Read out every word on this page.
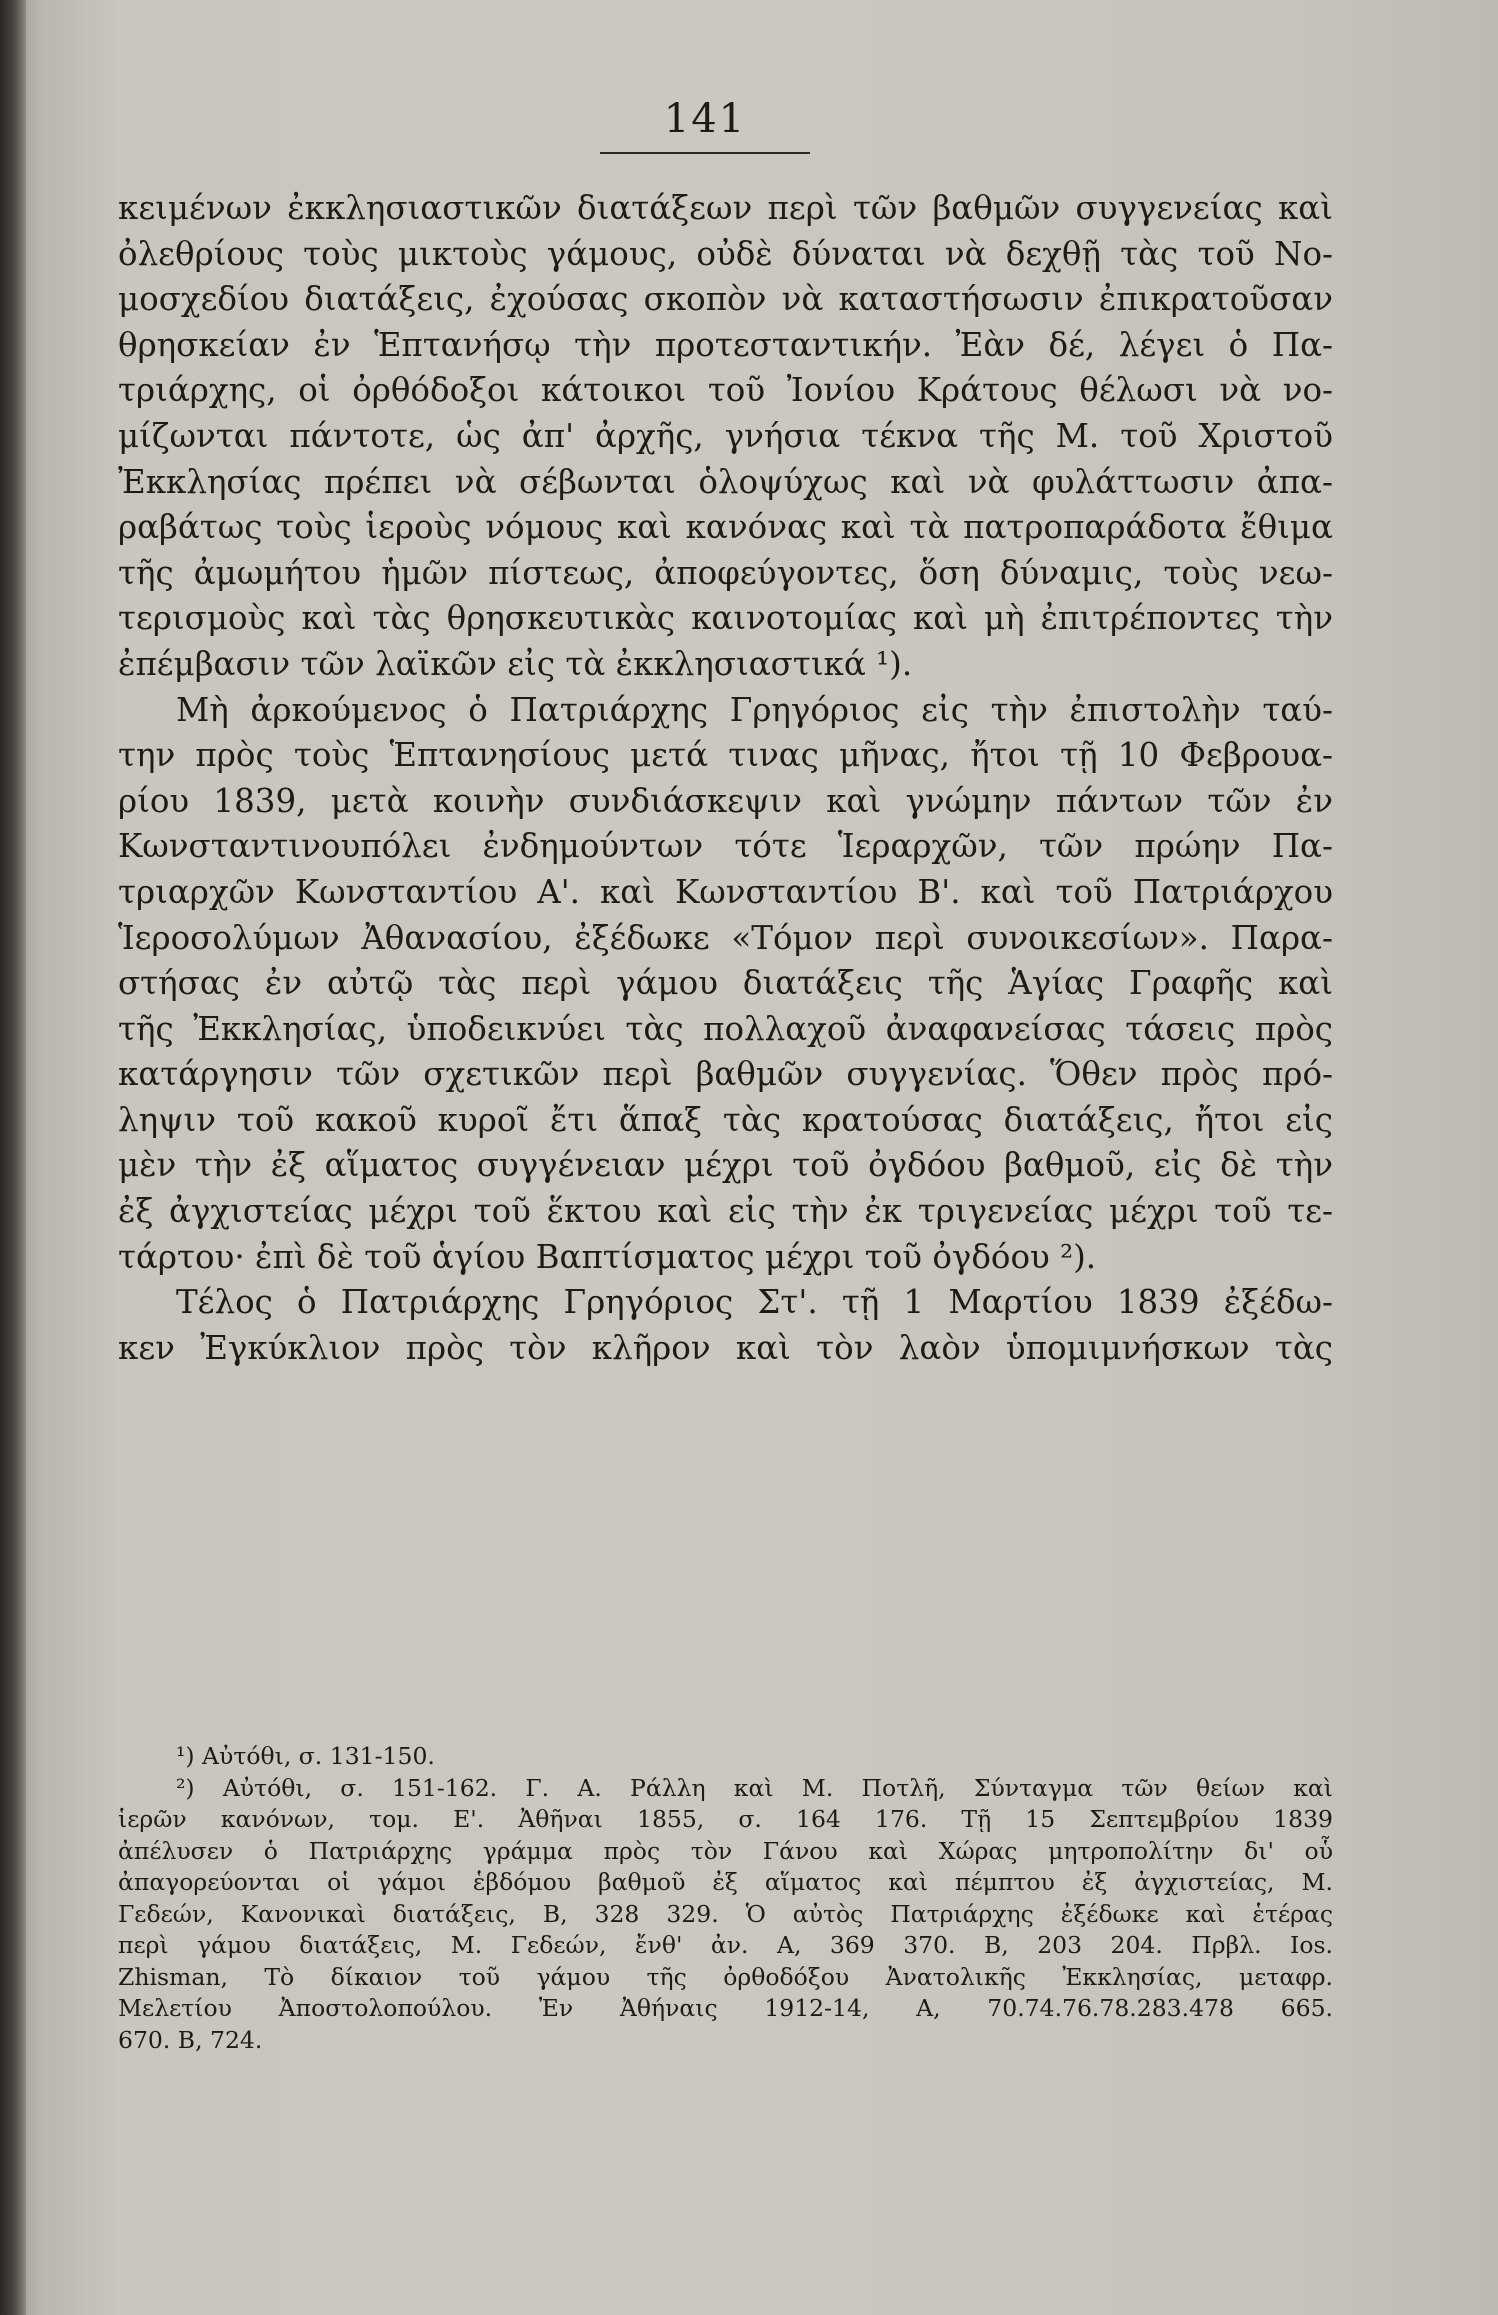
141
κειμένων ἐκκλησιαστικῶν διατάξεων περὶ τῶν βαθμῶν συγγενείας καὶ
ὀλεθρίους τοὺς μικτοὺς γάμους, οὐδὲ δύναται νὰ δεχθῇ τὰς τοῦ Νο-
μοσχεδίου διατάξεις, ἐχούσας σκοπὸν νὰ καταστήσωσιν ἐπικρατοῦσαν
θρησκείαν ἐν Ἑπτανήσῳ τὴν προτεσταντικήν. Ἐὰν δέ, λέγει ὁ Πα-
τριάρχης, οἱ ὀρθόδοξοι κάτοικοι τοῦ Ἰονίου Κράτους θέλωσι νὰ νο-
μίζωνται πάντοτε, ὡς ἀπ' ἀρχῆς, γνήσια τέκνα τῆς Μ. τοῦ Χριστοῦ
Ἐκκλησίας πρέπει νὰ σέβωνται ὁλοψύχως καὶ νὰ φυλάττωσιν ἀπα-
ραβάτως τοὺς ἱεροὺς νόμους καὶ κανόνας καὶ τὰ πατροπαράδοτα ἔθιμα
τῆς ἀμωμήτου ἡμῶν πίστεως, ἀποφεύγοντες, ὅση δύναμις, τοὺς νεω-
τερισμοὺς καὶ τὰς θρησκευτικὰς καινοτομίας καὶ μὴ ἐπιτρέποντες τὴν
ἐπέμβασιν τῶν λαϊκῶν εἰς τὰ ἐκκλησιαστικά ¹).
Μὴ ἀρκούμενος ὁ Πατριάρχης Γρηγόριος εἰς τὴν ἐπιστολὴν ταύ-
την πρὸς τοὺς Ἑπτανησίους μετά τινας μῆνας, ἤτοι τῇ 10 Φεβρουα-
ρίου 1839, μετὰ κοινὴν συνδιάσκεψιν καὶ γνώμην πάντων τῶν ἐν
Κωνσταντινουπόλει ἐνδημούντων τότε Ἱεραρχῶν, τῶν πρώην Πα-
τριαρχῶν Κωνσταντίου Α'. καὶ Κωνσταντίου Β'. καὶ τοῦ Πατριάρχου
Ἱεροσολύμων Ἀθανασίου, ἐξέδωκε «Τόμον περὶ συνοικεσίων». Παρα-
στήσας ἐν αὐτῷ τὰς περὶ γάμου διατάξεις τῆς Ἁγίας Γραφῆς καὶ
τῆς Ἐκκλησίας, ὑποδεικνύει τὰς πολλαχοῦ ἀναφανείσας τάσεις πρὸς
κατάργησιν τῶν σχετικῶν περὶ βαθμῶν συγγενίας. Ὅθεν πρὸς πρό-
ληψιν τοῦ κακοῦ κυροῖ ἔτι ἅπαξ τὰς κρατούσας διατάξεις, ἤτοι εἰς
μὲν τὴν ἐξ αἵματος συγγένειαν μέχρι τοῦ ὀγδόου βαθμοῦ, εἰς δὲ τὴν
ἐξ ἀγχιστείας μέχρι τοῦ ἕκτου καὶ εἰς τὴν ἐκ τριγενείας μέχρι τοῦ τε-
τάρτου· ἐπὶ δὲ τοῦ ἁγίου Βαπτίσματος μέχρι τοῦ ὀγδόου ²).
Τέλος ὁ Πατριάρχης Γρηγόριος Στ'. τῇ 1 Μαρτίου 1839 ἐξέδω-
κεν Ἐγκύκλιον πρὸς τὸν κλῆρον καὶ τὸν λαὸν ὑπομιμνήσκων τὰς
¹) Αὐτόθι, σ. 131-150.
²) Αὐτόθι, σ. 151-162. Γ. Α. Ράλλη καὶ Μ. Ποτλῆ, Σύνταγμα τῶν θείων καὶ
ἱερῶν κανόνων, τομ. Ε'. Ἀθῆναι 1855, σ. 164 176. Τῇ 15 Σεπτεμβρίου 1839
ἀπέλυσεν ὁ Πατριάρχης γράμμα πρὸς τὸν Γάνου καὶ Χώρας μητροπολίτην δι' οὗ
ἀπαγορεύονται οἱ γάμοι ἑβδόμου βαθμοῦ ἐξ αἵματος καὶ πέμπτου ἐξ ἀγχιστείας, Μ.
Γεδεών, Κανονικαὶ διατάξεις, Β, 328 329. Ὁ αὐτὸς Πατριάρχης ἐξέδωκε καὶ ἑτέρας
περὶ γάμου διατάξεις, Μ. Γεδεών, ἔνθ' ἀν. Α, 369 370. Β, 203 204. Πρβλ. Ios.
Zhisman, Τὸ δίκαιον τοῦ γάμου τῆς ὀρθοδόξου Ἀνατολικῆς Ἐκκλησίας, μεταφρ.
Μελετίου Ἀποστολοπούλου. Ἐν Ἀθήναις 1912-14, Α, 70.74.76.78.283.478 665.
670. Β, 724.
